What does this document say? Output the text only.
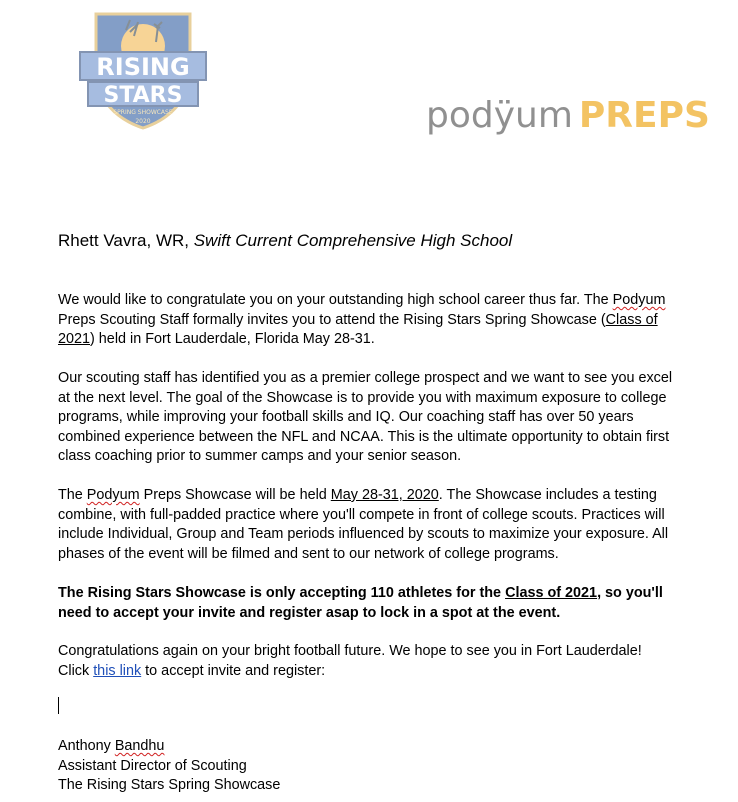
RISING
STARS
SPRING SHOWCASE
2020	podÿum PREPS
Rhett Vavra, WR, Swift Current Comprehensive High School

We would like to congratulate you on your outstanding high school career thus far. The Podyum Preps Scouting Staff formally invites you to attend the Rising Stars Spring Showcase (Class of 2021) held in Fort Lauderdale, Florida May 28-31.

Our scouting staff has identified you as a premier college prospect and we want to see you excel at the next level. The goal of the Showcase is to provide you with maximum exposure to college programs, while improving your football skills and IQ. Our coaching staff has over 50 years combined experience between the NFL and NCAA. This is the ultimate opportunity to obtain first class coaching prior to summer camps and your senior season.

The Podyum Preps Showcase will be held May 28-31, 2020. The Showcase includes a testing combine, with full-padded practice where you'll compete in front of college scouts. Practices will include Individual, Group and Team periods influenced by scouts to maximize your exposure. All phases of the event will be filmed and sent to our network of college programs.

The Rising Stars Showcase is only accepting 110 athletes for the Class of 2021, so you'll need to accept your invite and register asap to lock in a spot at the event.

Congratulations again on your bright football future. We hope to see you in Fort Lauderdale!
Click this link to accept invite and register:
Anthony Bandhu
Assistant Director of Scouting
The Rising Stars Spring Showcase
